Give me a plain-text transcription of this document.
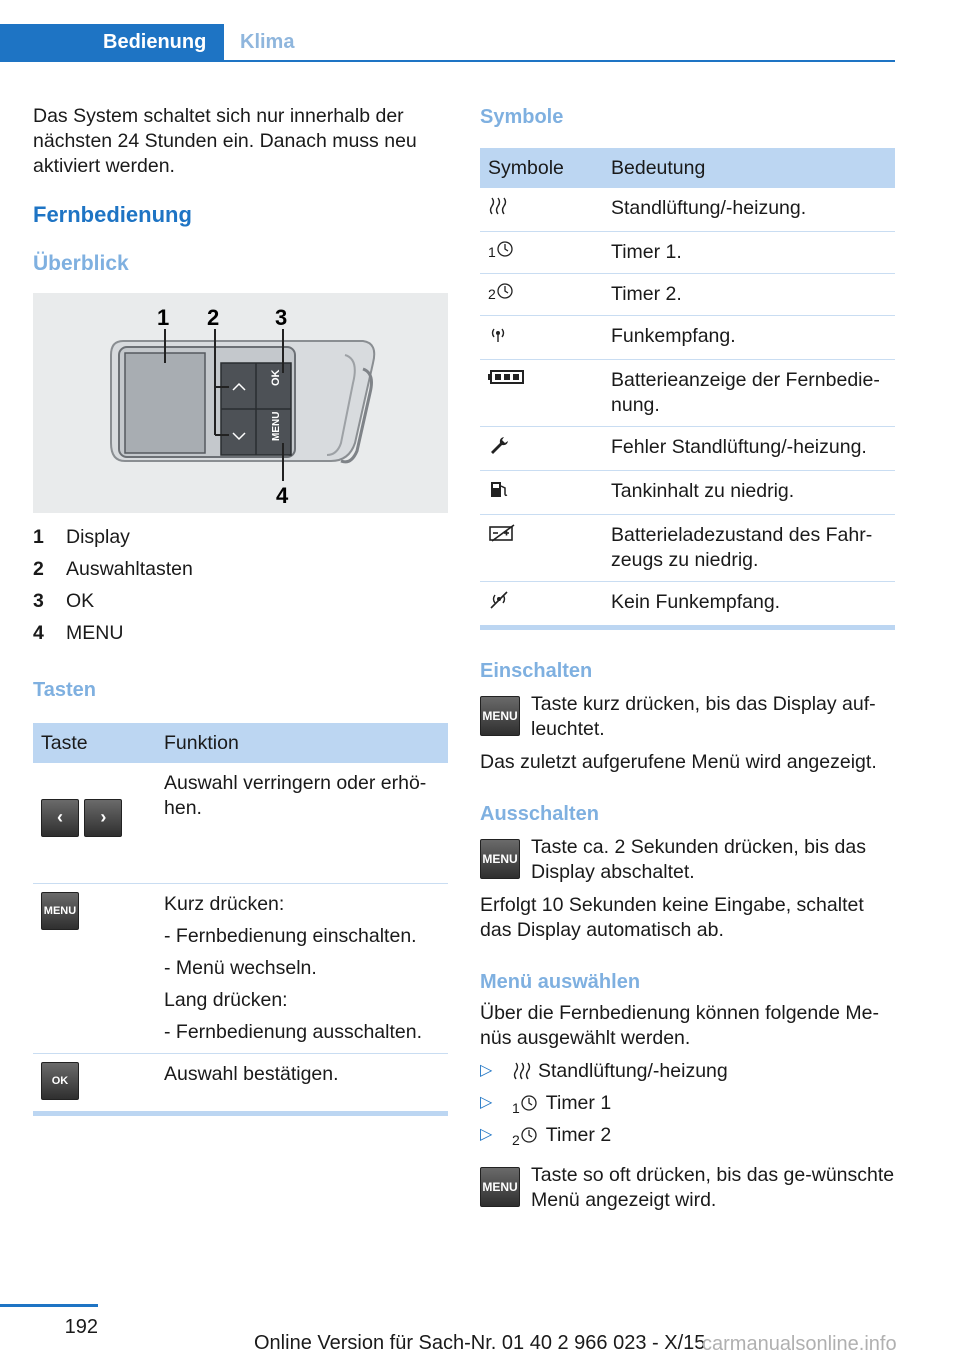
Bedienung	Klima

Das System schaltet sich nur innerhalb der nächsten 24 Stunden ein. Danach muss neu aktiviert werden.

Fernbedienung
Überblick
OK
MENU
1 2	3
4
1	Display
2	Auswahltasten
3	OK
4	MENU
Tasten
Taste	Funktion
‹ ›	Auswahl verringern oder erhö-hen.
MENU	Kurz drücken:
- Fernbedienung einschalten.
- Menü wechseln.
Lang drücken:
- Fernbedienung ausschalten.

OK	Auswahl bestätigen.
Symbole
Symbole	Bedeutung
	Standlüftung/-heizung.
1	Timer 1.
2	Timer 2.
	Funkempfang.
	Batterieanzeige der Fernbedie-nung.
	Fehler Standlüftung/-heizung.
	Tankinhalt zu niedrig.
	Batterieladezustand des Fahr-zeugs zu niedrig.
	Kein Funkempfang.
Einschalten
MENU
Taste kurz drücken, bis das Display auf-leuchtet.

Das zuletzt aufgerufene Menü wird angezeigt.

Ausschalten
MENU
Taste ca. 2 Sekunden drücken, bis das Display abschaltet.

Erfolgt 10 Sekunden keine Eingabe, schaltet das Display automatisch ab.

Menü auswählen

Über die Fernbedienung können folgende Me-nüs ausgewählt werden.

▷	Standlüftung/-heizung
▷	1 Timer 1
▷	2 Timer 2
MENU
Taste so oft drücken, bis das ge-wünschte Menü angezeigt wird.
192
Online Version für Sach-Nr. 01 40 2 966 023 - X/15
carmanualsonline.info
